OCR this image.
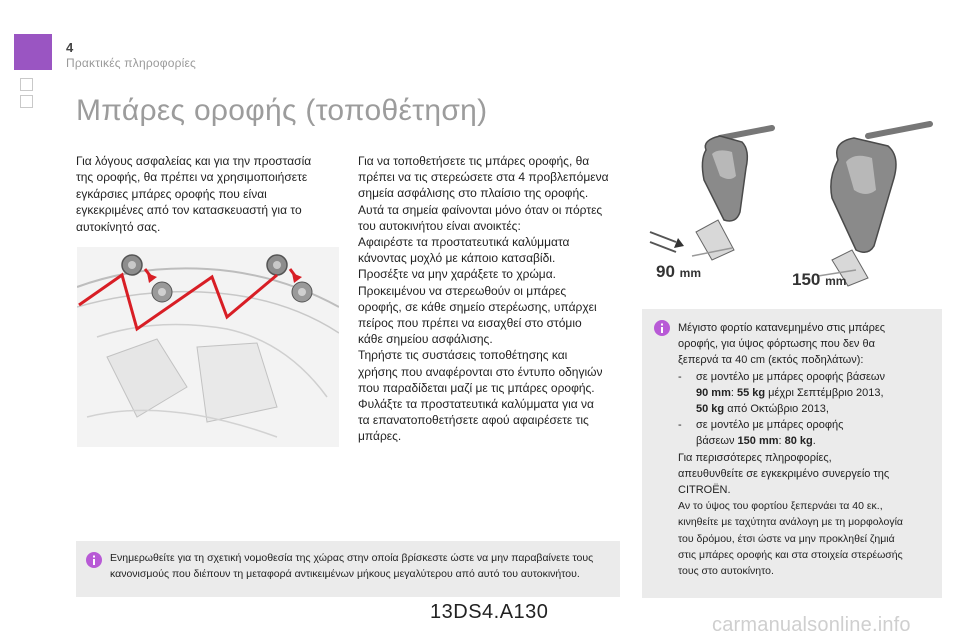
4
Πρακτικές πληροφορίες
Μπάρες οροφής (τοποθέτηση)
Για λόγους ασφαλείας και για την προστασία
της οροφής, θα πρέπει να χρησιμοποιήσετε
εγκάρσιες μπάρες οροφής που είναι
εγκεκριμένες από τον κατασκευαστή για το
αυτοκίνητό σας.
Για να τοποθετήσετε τις μπάρες οροφής, θα
πρέπει να τις στερεώσετε στα 4 προβλεπόμενα
σημεία ασφάλισης στο πλαίσιο της οροφής.
Αυτά τα σημεία φαίνονται μόνο όταν οι πόρτες
του αυτοκινήτου είναι ανοικτές:
Αφαιρέστε τα προστατευτικά καλύμματα
κάνοντας μοχλό με κάποιο κατσαβίδι.
Προσέξτε να μην χαράξετε το χρώμα.
Προκειμένου να στερεωθούν οι μπάρες
οροφής, σε κάθε σημείο στερέωσης, υπάρχει
πείρος που πρέπει να εισαχθεί στο στόμιο
κάθε σημείου ασφάλισης.
Τηρήστε τις συστάσεις τοποθέτησης και
χρήσης που αναφέρονται στο έντυπο οδηγιών
που παραδίδεται μαζί με τις μπάρες οροφής.
Φυλάξτε τα προστατευτικά καλύμματα για να
τα επανατοποθετήσετε αφού αφαιρέσετε τις
μπάρες.
90 mm	150 mm
Μέγιστο φορτίο κατανεμημένο στις μπάρες
οροφής, για ύψος φόρτωσης που δεν θα
ξεπερνά τα 40 cm (εκτός ποδηλάτων):
-	σε μοντέλο με μπάρες οροφής βάσεων
90 mm: 55 kg μέχρι Σεπτέμβριο 2013,
50 kg από Οκτώβριο 2013,
-	σε μοντέλο με μπάρες οροφής
βάσεων 150 mm: 80 kg.
Για περισσότερες πληροφορίες,
απευθυνθείτε σε εγκεκριμένο συνεργείο της
CITROËN.
Αν το ύψος του φορτίου ξεπερνάει τα 40 εκ.,
κινηθείτε με ταχύτητα ανάλογη με τη μορφολογία
του δρόμου, έτσι ώστε να μην προκληθεί ζημιά
στις μπάρες οροφής και στα στοιχεία στερέωσής
τους στο αυτοκίνητο.
Ενημερωθείτε για τη σχετική νομοθεσία της χώρας στην οποία βρίσκεστε ώστε να μην παραβαίνετε τους
κανονισμούς που διέπουν τη μεταφορά αντικειμένων μήκους μεγαλύτερου από αυτό του αυτοκινήτου.
13DS4.A130
carmanualsonline.info
